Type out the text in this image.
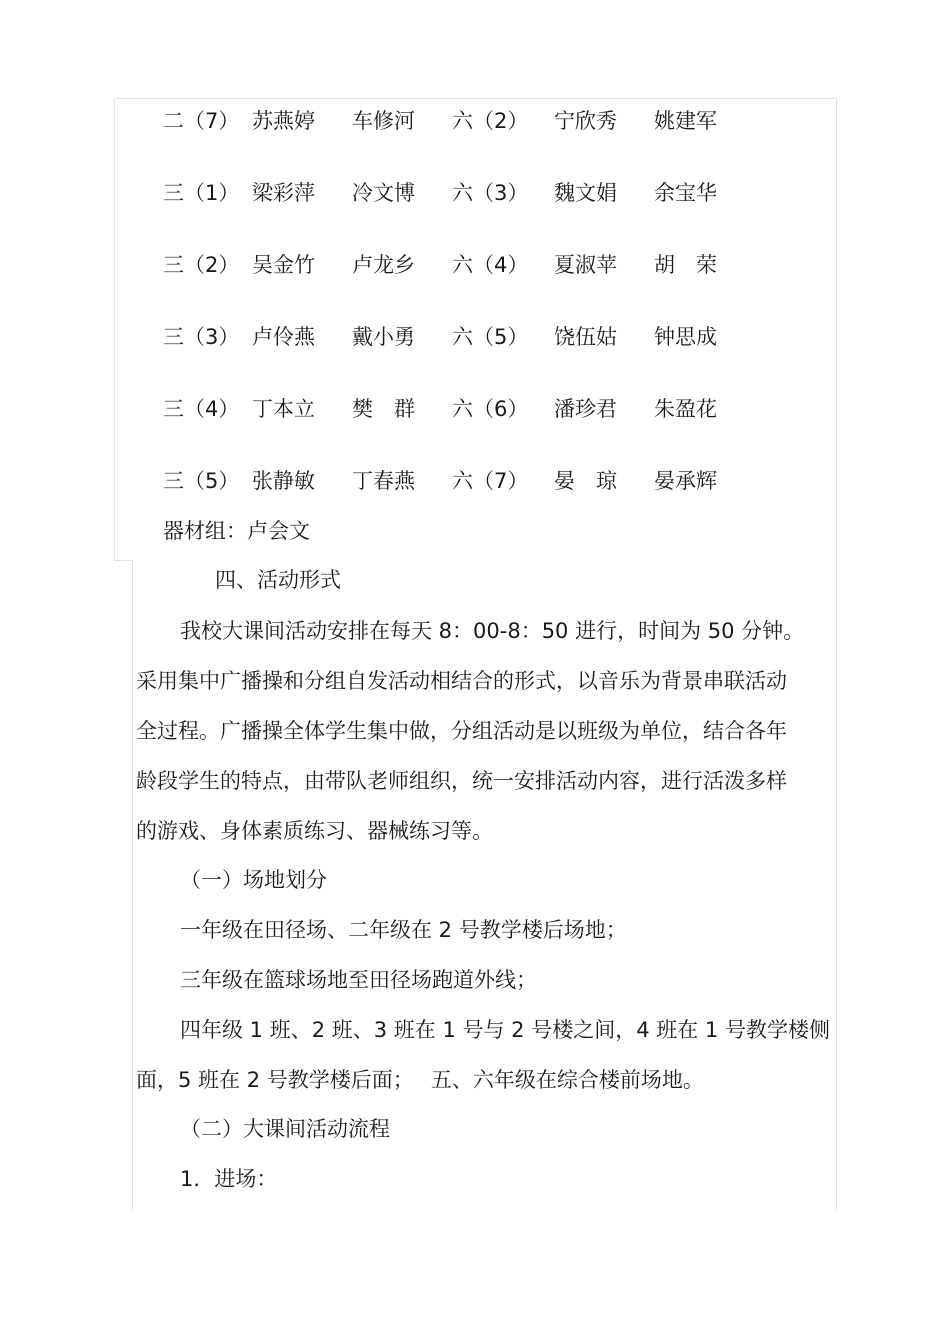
二（7） 苏燕婷 车修河 六（2） 宁欣秀 姚建军
三（1） 梁彩萍 冷文博 六（3） 魏文娟 余宝华
三（2） 吴金竹 卢龙乡 六（4） 夏淑苹 胡　荣
三（3） 卢伶燕 戴小勇 六（5） 饶伍姑 钟思成
三（4） 丁本立 樊　群 六（6） 潘珍君 朱盈花
三（5） 张静敏 丁春燕 六（7） 晏　琼 晏承辉
器材组：卢会文
四、活动形式
我校大课间活动安排在每天 8：00-8：50 进行，时间为 50 分钟。
采用集中广播操和分组自发活动相结合的形式，以音乐为背景串联活动
全过程。广播操全体学生集中做，分组活动是以班级为单位，结合各年
龄段学生的特点，由带队老师组织，统一安排活动内容，进行活泼多样
的游戏、身体素质练习、器械练习等。
（一）场地划分
一年级在田径场、二年级在 2 号教学楼后场地；
三年级在篮球场地至田径场跑道外线；
四年级 1 班、2 班、3 班在 1 号与 2 号楼之间，4 班在 1 号教学楼侧
面，5 班在 2 号教学楼后面；　 五、六年级在综合楼前场地。
（二）大课间活动流程
1．进场：
